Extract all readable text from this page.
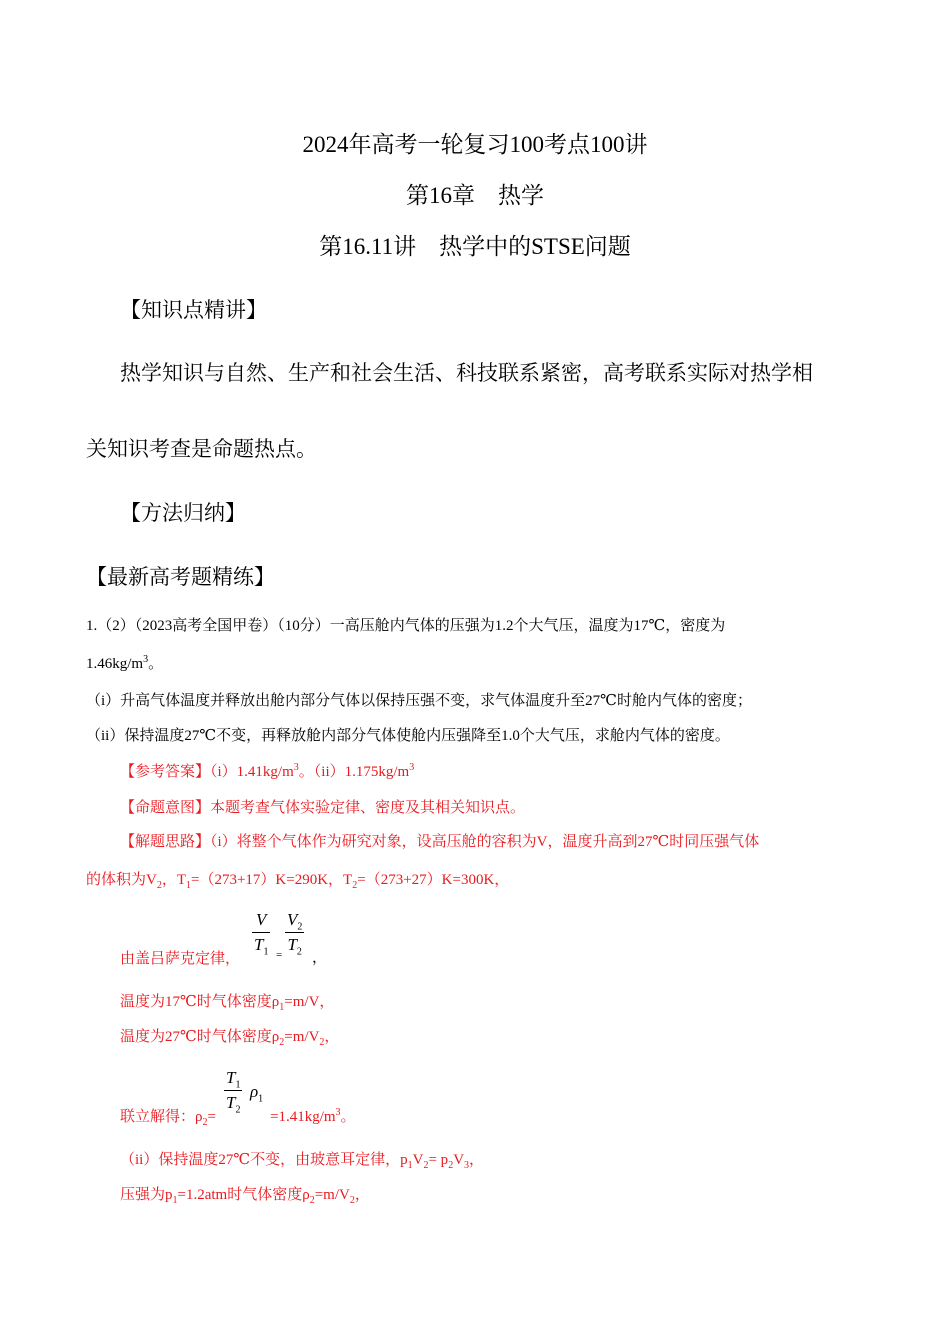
2024年高考一轮复习100考点100讲
第16章　热学
第16.11讲　热学中的STSE问题
【知识点精讲】
热学知识与自然、生产和社会生活、科技联系紧密，高考联系实际对热学相
关知识考查是命题热点。
【方法归纳】
【最新高考题精练】
1.（2）（2023高考全国甲卷）（10分）一高压舱内气体的压强为1.2个大气压，温度为17℃，密度为
$1.46kg/m^3$。
（i）升高气体温度并释放出舱内部分气体以保持压强不变，求气体温度升至27℃时舱内气体的密度；
（ii）保持温度27℃不变，再释放舱内部分气体使舱内压强降至1.0个大气压，求舱内气体的密度。
【参考答案】$(i)1.41kg/m^3$。$(ii)1.175kg/m^3$
【命题意图】本题考查气体实验定律、密度及其相关知识点。
【解题思路】（i）将整个气体作为研究对象，设高压舱的容积为V，温度升高到27℃时同压强气体
的体积为$V_2$，$T_1=(273+17)K=290K$，$T_2=(273+27)K=300K$，
由盖吕萨克定律，
V
$T_1$ =
$V_2$
$T_2$ ，
温度为17℃时气体密度$\rho_1=m/V$，
温度为27℃时气体密度$\rho_2=m/V_2$，
联立解得：$\rho_2=$
$T_1$
$T_2$
$\rho_1$
$=1.41kg/m^3$。
（ii）保持温度27℃不变，由玻意耳定律，$p_1V_2= p_2V_3$，
压强为$p_1=1.2atm$时气体密度$\rho_2=m/V_2$，
